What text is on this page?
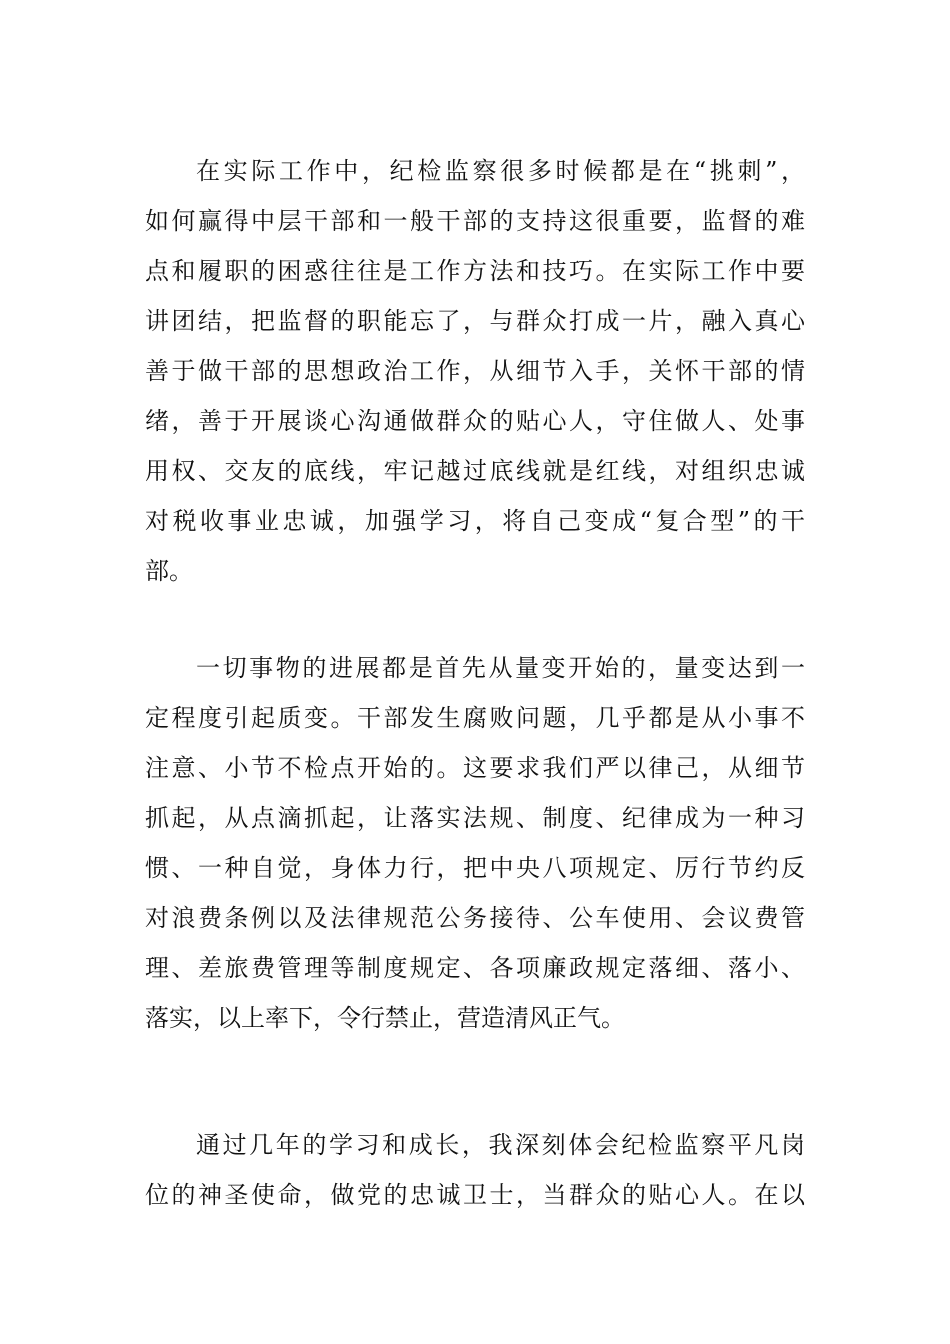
在实际工作中，纪检监察很多时候都是在“挑刺”，
如何赢得中层干部和一般干部的支持这很重要，监督的难
点和履职的困惑往往是工作方法和技巧。在实际工作中要
讲团结，把监督的职能忘了，与群众打成一片，融入真心
善于做干部的思想政治工作，从细节入手，关怀干部的情
绪，善于开展谈心沟通做群众的贴心人，守住做人、处事
用权、交友的底线，牢记越过底线就是红线，对组织忠诚
对税收事业忠诚，加强学习，将自己变成“复合型”的干
部。
一切事物的进展都是首先从量变开始的，量变达到一
定程度引起质变。干部发生腐败问题，几乎都是从小事不
注意、小节不检点开始的。这要求我们严以律己，从细节
抓起，从点滴抓起，让落实法规、制度、纪律成为一种习
惯、一种自觉，身体力行，把中央八项规定、厉行节约反
对浪费条例以及法律规范公务接待、公车使用、会议费管
理、差旅费管理等制度规定、各项廉政规定落细、落小、
落实，以上率下，令行禁止，营造清风正气。
通过几年的学习和成长，我深刻体会纪检监察平凡岗
位的神圣使命，做党的忠诚卫士，当群众的贴心人。在以
